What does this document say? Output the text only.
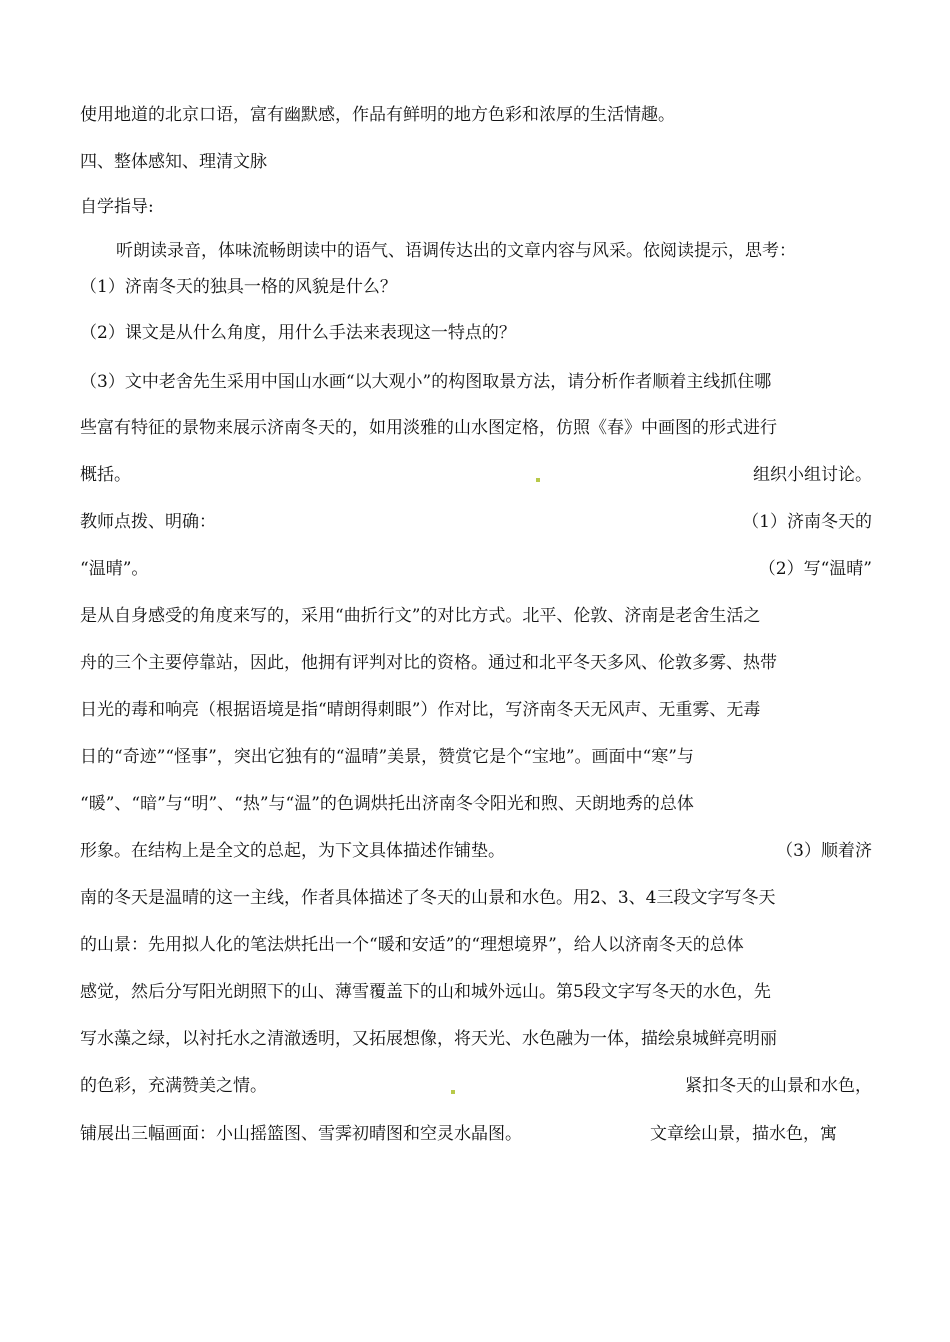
使用地道的北京口语，富有幽默感，作品有鲜明的地方色彩和浓厚的生活情趣。
四、整体感知、理清文脉
自学指导:
听朗读录音，体味流畅朗读中的语气、语调传达出的文章内容与风采。依阅读提示，思考：
（1）济南冬天的独具一格的风貌是什么？
（2）课文是从什么角度，用什么手法来表现这一特点的？
（3）文中老舍先生采用中国山水画“以大观小”的构图取景方法，请分析作者顺着主线抓住哪
些富有特征的景物来展示济南冬天的，如用淡雅的山水图定格，仿照《春》中画图的形式进行
概括。	组织小组讨论。
教师点拨、明确：	（1）济南冬天的
“温晴”。	（2）写“温晴”
是从自身感受的角度来写的，采用“曲折行文”的对比方式。北平、伦敦、济南是老舍生活之
舟的三个主要停靠站，因此，他拥有评判对比的资格。通过和北平冬天多风、伦敦多雾、热带
日光的毒和响亮（根据语境是指“晴朗得刺眼”）作对比，写济南冬天无风声、无重雾、无毒
日的“奇迹”“怪事”，突出它独有的“温晴”美景，赞赏它是个“宝地”。画面中“寒”与
“暖”、“暗”与“明”、“热”与“温”的色调烘托出济南冬令阳光和煦、天朗地秀的总体
形象。在结构上是全文的总起，为下文具体描述作铺垫。	（3）顺着济
南的冬天是温晴的这一主线，作者具体描述了冬天的山景和水色。用2、3、4三段文字写冬天
的山景：先用拟人化的笔法烘托出一个“暖和安适”的“理想境界”，给人以济南冬天的总体
感觉，然后分写阳光朗照下的山、薄雪覆盖下的山和城外远山。第5段文字写冬天的水色，先
写水藻之绿，以衬托水之清澈透明，又拓展想像，将天光、水色融为一体，描绘泉城鲜亮明丽
的色彩，充满赞美之情。	紧扣冬天的山景和水色，
铺展出三幅画面：小山摇篮图、雪霁初晴图和空灵水晶图。	文章绘山景，描水色，寓
